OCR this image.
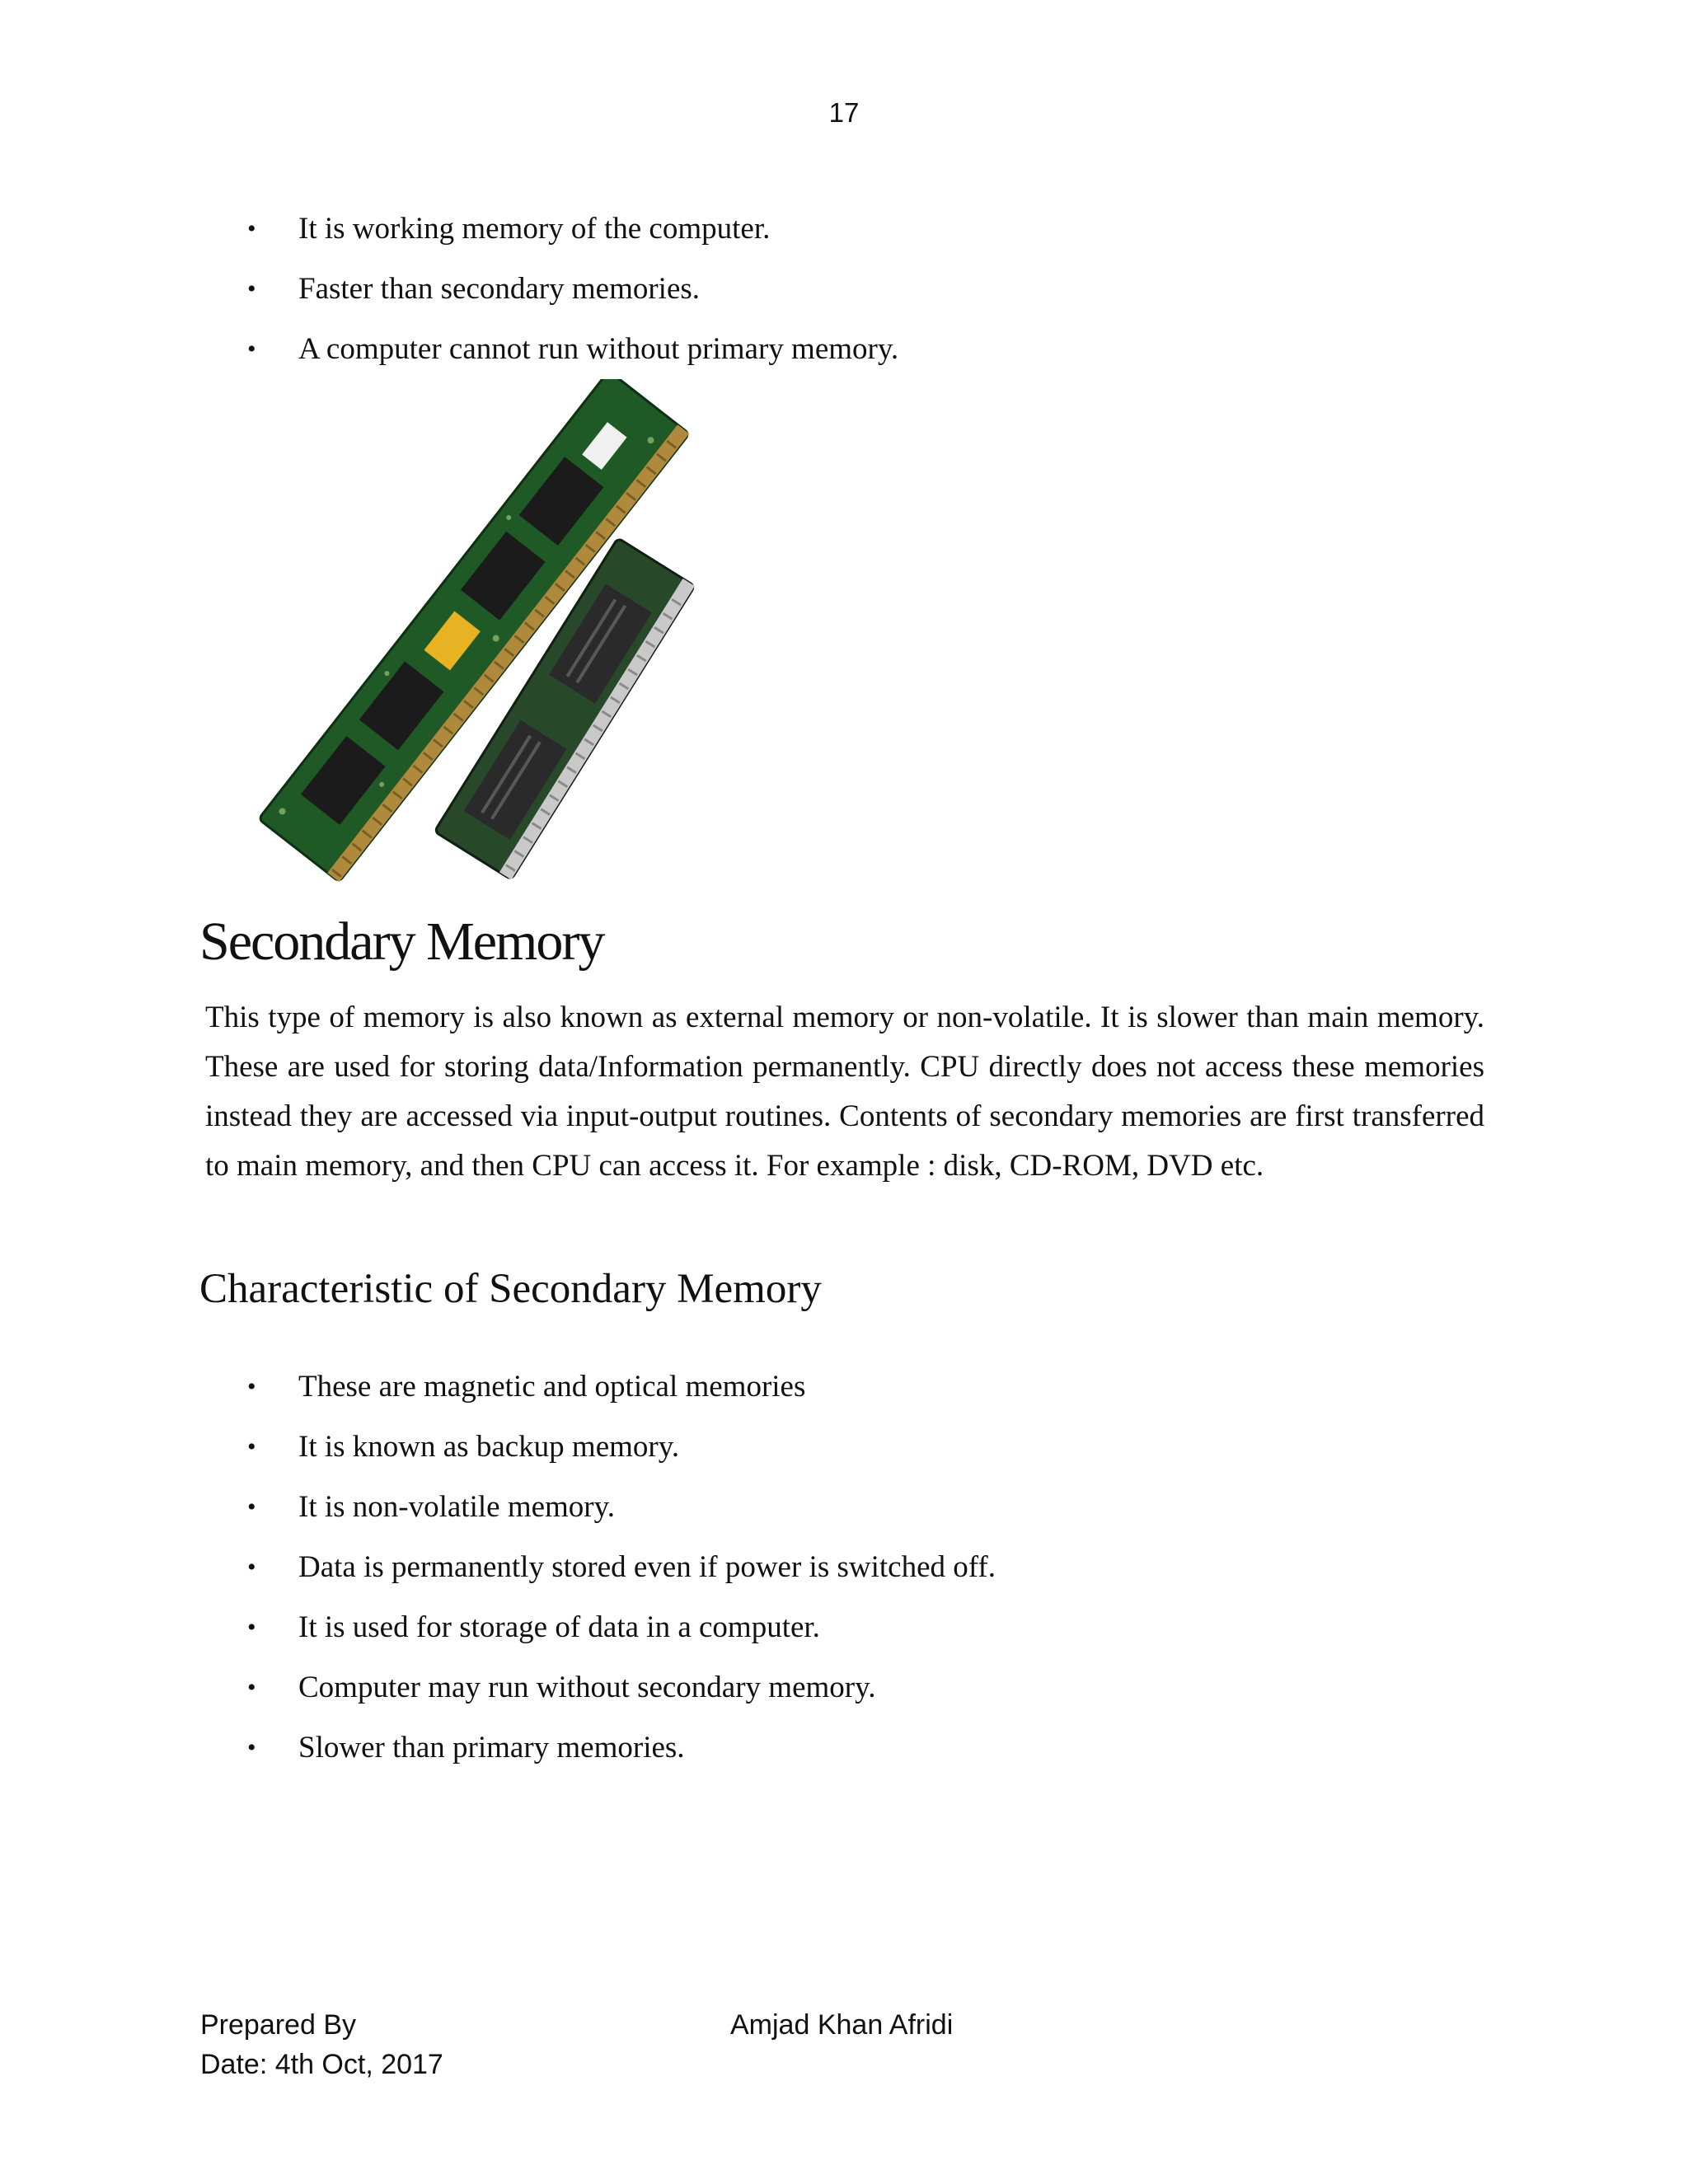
17
• It is working memory of the computer.
• Faster than secondary memories.
• A computer cannot run without primary memory.
Secondary Memory

This type of memory is also known as external memory or non-volatile. It is slower than main memory. These are used for storing data/Information permanently. CPU directly does not access these memories instead they are accessed via input-output routines. Contents of secondary memories are first transferred to main memory, and then CPU can access it. For example : disk, CD-ROM, DVD etc.

Characteristic of Secondary Memory
• These are magnetic and optical memories
• It is known as backup memory.
• It is non-volatile memory.
• Data is permanently stored even if power is switched off.
• It is used for storage of data in a computer.
• Computer may run without secondary memory.
• Slower than primary memories.
Prepared By
Date: 4th Oct, 2017
Amjad Khan Afridi
